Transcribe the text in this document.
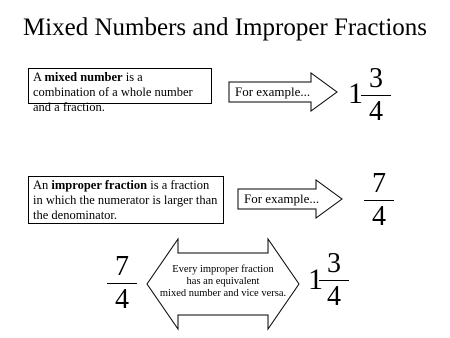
Mixed Numbers and Improper Fractions
A mixed number is a combination of a whole number and a fraction.
For example... 1 3
4
An improper fraction is a fraction in which the numerator is larger than the denominator.
For example... 7
4
7
4
Every improper fraction
has an equivalent
mixed number and vice versa. 1 3
4
